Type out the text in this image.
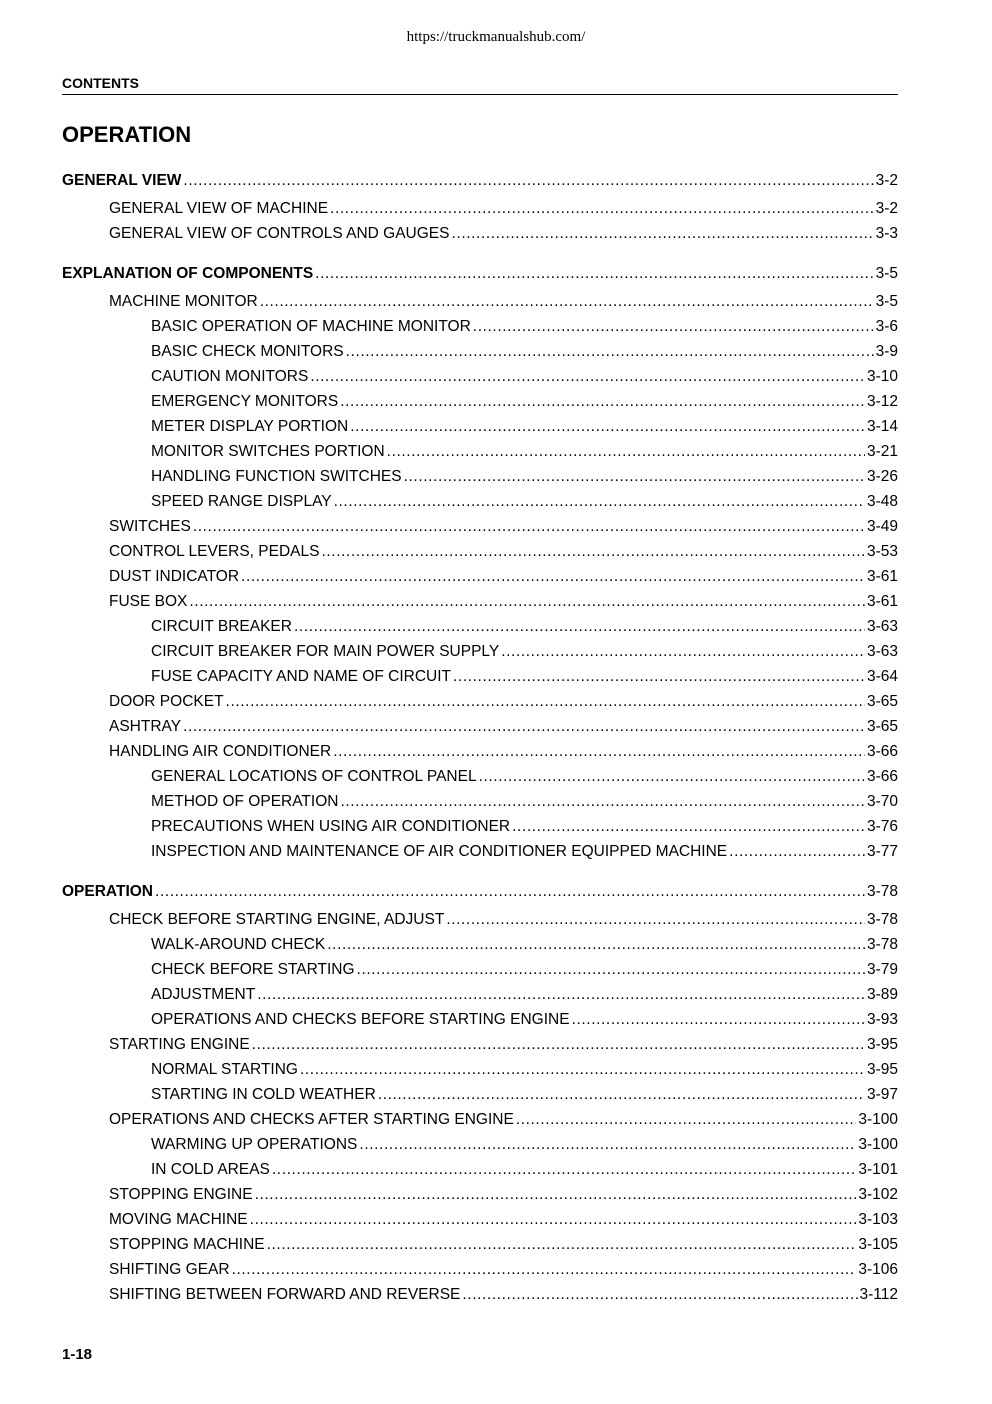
https://truckmanualshub.com/
CONTENTS
OPERATION
GENERAL VIEW .....	3-2
GENERAL VIEW OF MACHINE .....	3-2
GENERAL VIEW OF CONTROLS AND GAUGES .....	3-3
EXPLANATION OF COMPONENTS .....	3-5
MACHINE MONITOR .....	3-5
BASIC OPERATION OF MACHINE MONITOR .....	3-6
BASIC CHECK MONITORS .....	3-9
CAUTION MONITORS .....	3-10
EMERGENCY MONITORS .....	3-12
METER DISPLAY PORTION .....	3-14
MONITOR SWITCHES PORTION .....	3-21
HANDLING FUNCTION SWITCHES .....	3-26
SPEED RANGE DISPLAY .....	3-48
SWITCHES .....	3-49
CONTROL LEVERS, PEDALS .....	3-53
DUST INDICATOR .....	3-61
FUSE BOX .....	3-61
CIRCUIT BREAKER .....	3-63
CIRCUIT BREAKER FOR MAIN POWER SUPPLY .....	3-63
FUSE CAPACITY AND NAME OF CIRCUIT .....	3-64
DOOR POCKET .....	3-65
ASHTRAY .....	3-65
HANDLING AIR CONDITIONER .....	3-66
GENERAL LOCATIONS OF CONTROL PANEL .....	3-66
METHOD OF OPERATION .....	3-70
PRECAUTIONS WHEN USING AIR CONDITIONER .....	3-76
INSPECTION AND MAINTENANCE OF AIR CONDITIONER EQUIPPED MACHINE .....	3-77
OPERATION .....	3-78
CHECK BEFORE STARTING ENGINE, ADJUST .....	3-78
WALK-AROUND CHECK .....	3-78
CHECK BEFORE STARTING .....	3-79
ADJUSTMENT .....	3-89
OPERATIONS AND CHECKS BEFORE STARTING ENGINE .....	3-93
STARTING ENGINE .....	3-95
NORMAL STARTING .....	3-95
STARTING IN COLD WEATHER .....	3-97
OPERATIONS AND CHECKS AFTER STARTING ENGINE .....	3-100
WARMING UP OPERATIONS .....	3-100
IN COLD AREAS .....	3-101
STOPPING ENGINE .....	3-102
MOVING MACHINE .....	3-103
STOPPING MACHINE .....	3-105
SHIFTING GEAR .....	3-106
SHIFTING BETWEEN FORWARD AND REVERSE .....	3-112
1-18
